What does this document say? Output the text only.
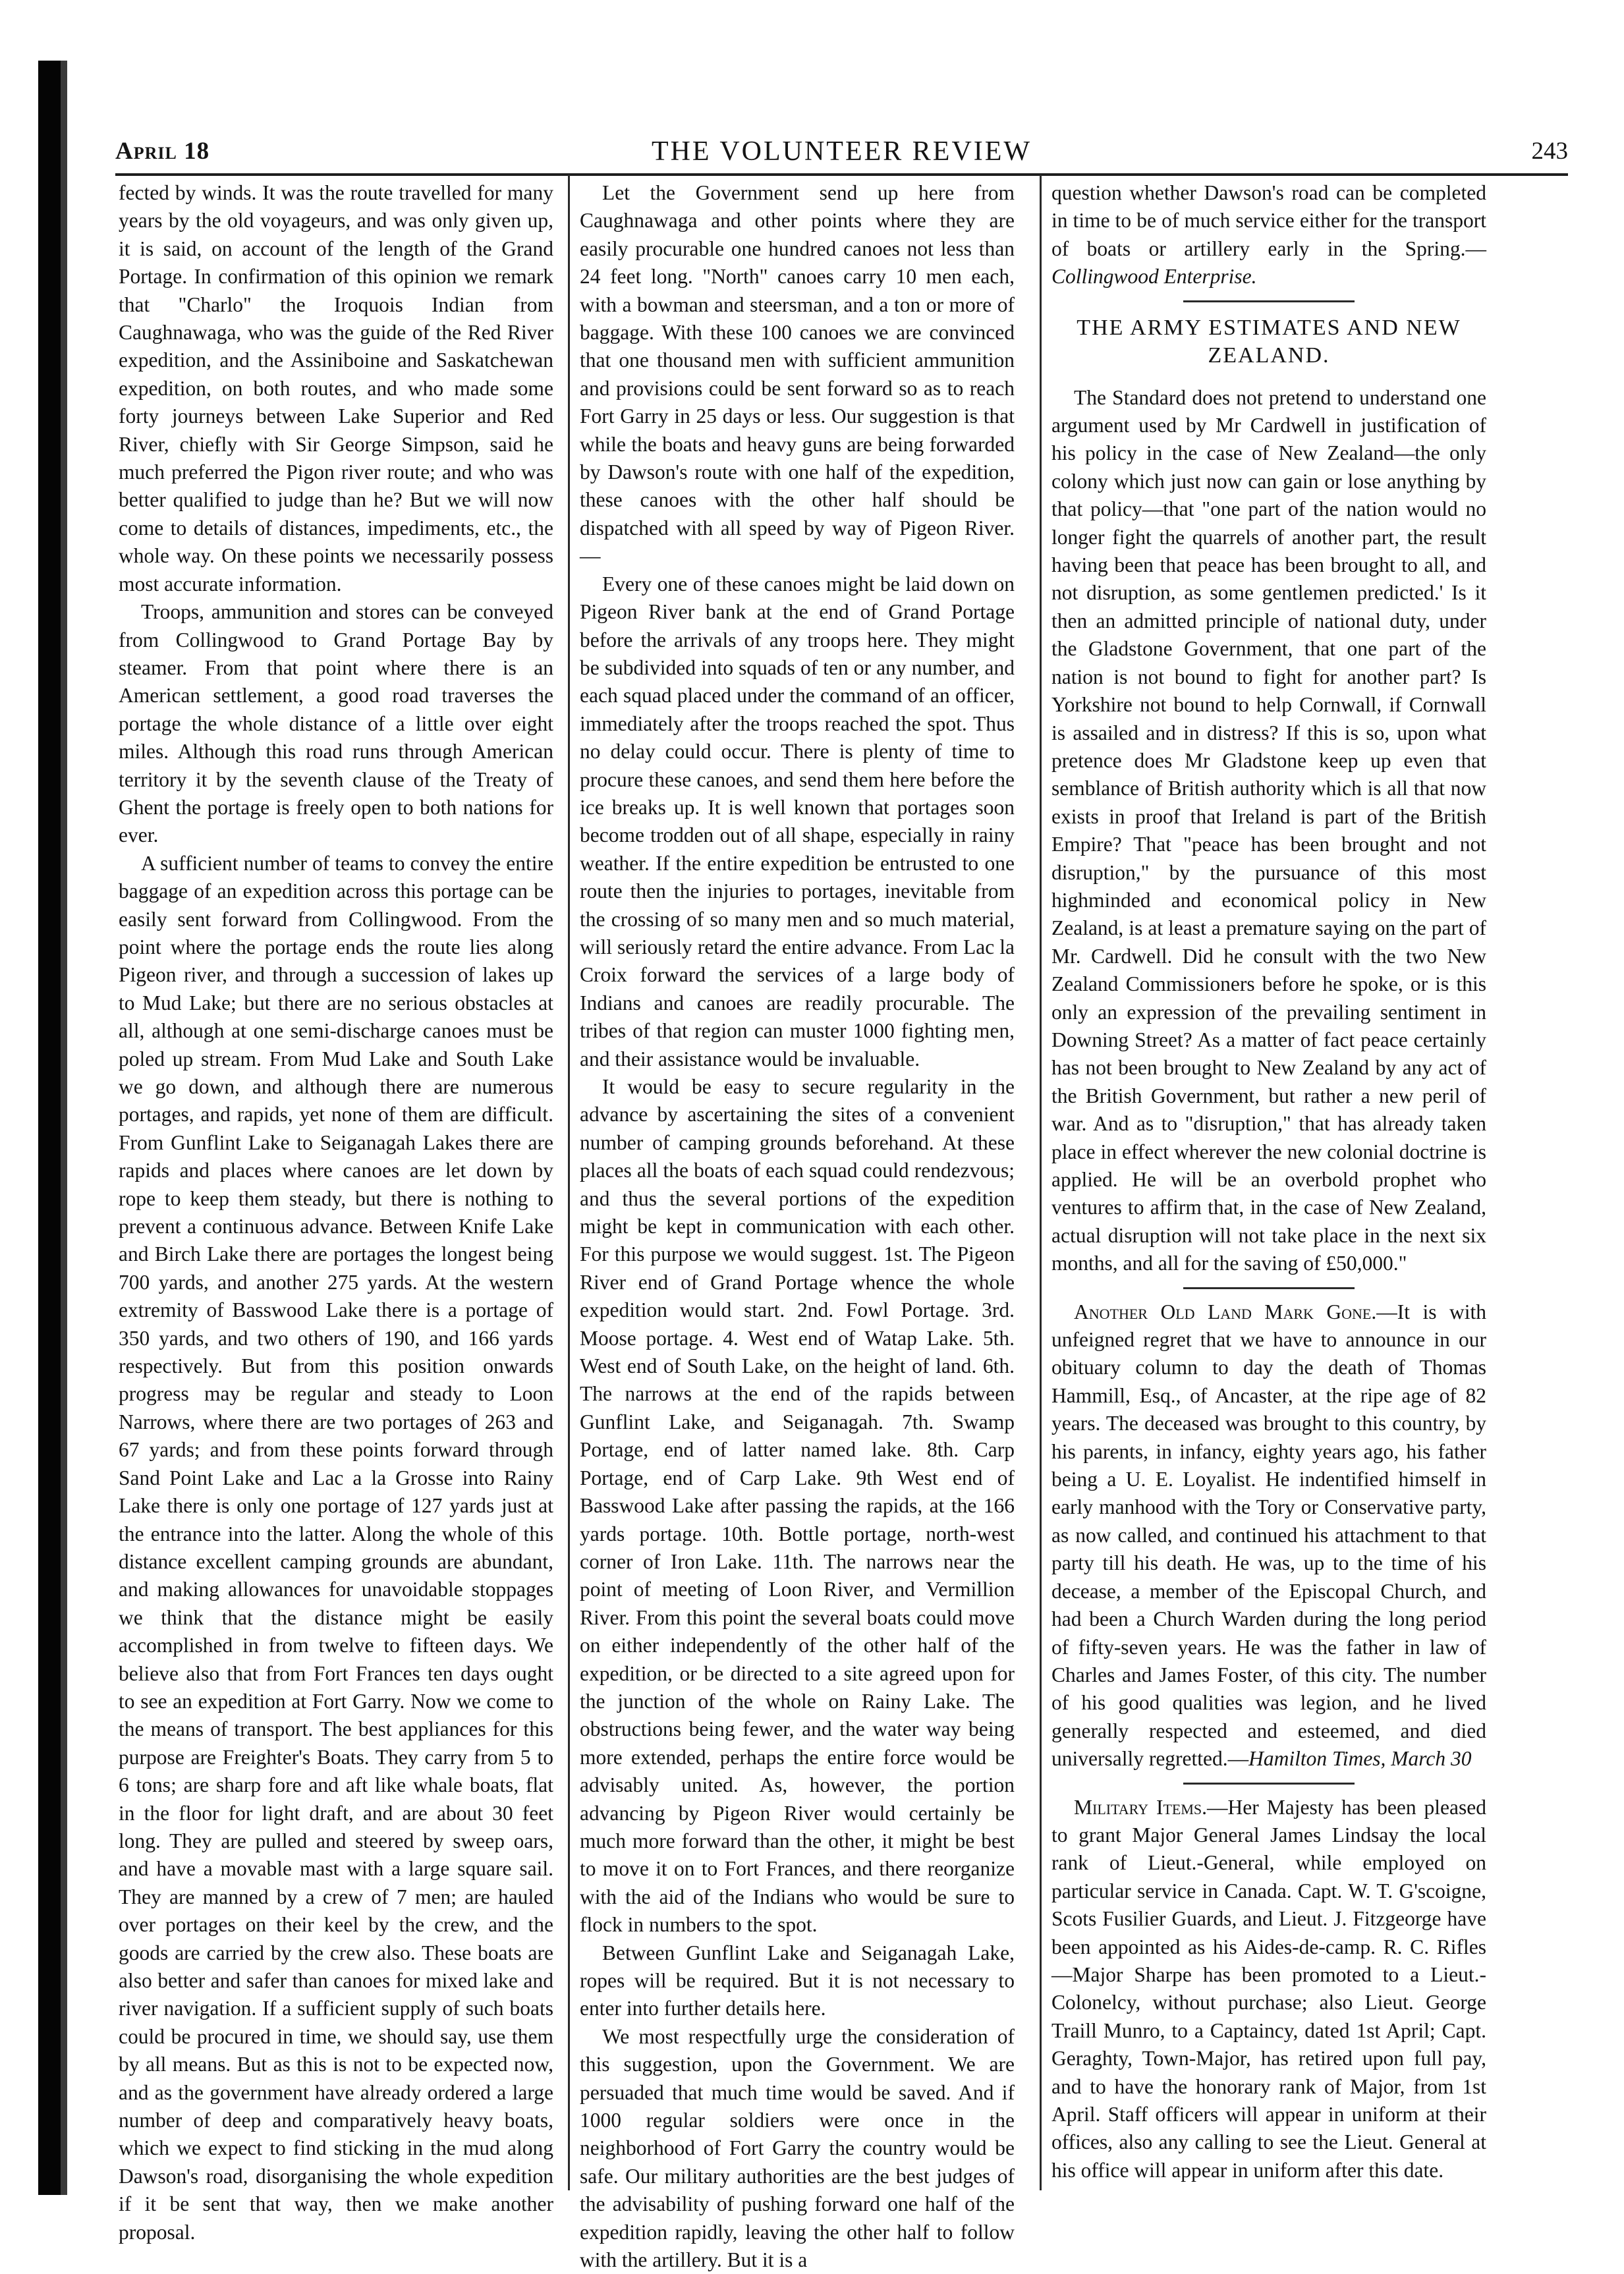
April 18	THE VOLUNTEER REVIEW	243

fected by winds. It was the route travelled for many years by the old voyageurs, and was only given up, it is said, on account of the length of the Grand Portage. In confirmation of this opinion we remark that "Charlo" the Iroquois Indian from Caughnawaga, who was the guide of the Red River expedition, and the Assiniboine and Saskatchewan expedition, on both routes, and who made some forty journeys between Lake Superior and Red River, chiefly with Sir George Simpson, said he much preferred the Pigon river route; and who was better qualified to judge than he? But we will now come to details of distances, impediments, etc., the whole way. On these points we necessarily possess most accurate information.

Troops, ammunition and stores can be conveyed from Collingwood to Grand Portage Bay by steamer. From that point where there is an American settlement, a good road traverses the portage the whole distance of a little over eight miles. Although this road runs through American territory it by the seventh clause of the Treaty of Ghent the portage is freely open to both nations for ever.

A sufficient number of teams to convey the entire baggage of an expedition across this portage can be easily sent forward from Collingwood. From the point where the portage ends the route lies along Pigeon river, and through a succession of lakes up to Mud Lake; but there are no serious obstacles at all, although at one semi-discharge canoes must be poled up stream. From Mud Lake and South Lake we go down, and although there are numerous portages, and rapids, yet none of them are difficult. From Gunflint Lake to Seiganagah Lakes there are rapids and places where canoes are let down by rope to keep them steady, but there is nothing to prevent a continuous advance. Between Knife Lake and Birch Lake there are portages the longest being 700 yards, and another 275 yards. At the western extremity of Basswood Lake there is a portage of 350 yards, and two others of 190, and 166 yards respectively. But from this position onwards progress may be regular and steady to Loon Narrows, where there are two portages of 263 and 67 yards; and from these points forward through Sand Point Lake and Lac a la Grosse into Rainy Lake there is only one portage of 127 yards just at the entrance into the latter. Along the whole of this distance excellent camping grounds are abundant, and making allowances for unavoidable stoppages we think that the distance might be easily accomplished in from twelve to fifteen days. We believe also that from Fort Frances ten days ought to see an expedition at Fort Garry. Now we come to the means of transport. The best appliances for this purpose are Freighter's Boats. They carry from 5 to 6 tons; are sharp fore and aft like whale boats, flat in the floor for light draft, and are about 30 feet long. They are pulled and steered by sweep oars, and have a movable mast with a large square sail. They are manned by a crew of 7 men; are hauled over portages on their keel by the crew, and the goods are carried by the crew also. These boats are also better and safer than canoes for mixed lake and river navigation. If a sufficient supply of such boats could be procured in time, we should say, use them by all means. But as this is not to be expected now, and as the government have already ordered a large number of deep and comparatively heavy boats, which we expect to find sticking in the mud along Dawson's road, disorganising the whole expedition if it be sent that way, then we make another proposal.

Let the Government send up here from Caughnawaga and other points where they are easily procurable one hundred canoes not less than 24 feet long. "North" canoes carry 10 men each, with a bowman and steersman, and a ton or more of baggage. With these 100 canoes we are convinced that one thousand men with sufficient ammunition and provisions could be sent forward so as to reach Fort Garry in 25 days or less. Our suggestion is that while the boats and heavy guns are being forwarded by Dawson's route with one half of the expedition, these canoes with the other half should be dispatched with all speed by way of Pigeon River.—

Every one of these canoes might be laid down on Pigeon River bank at the end of Grand Portage before the arrivals of any troops here. They might be subdivided into squads of ten or any number, and each squad placed under the command of an officer, immediately after the troops reached the spot. Thus no delay could occur. There is plenty of time to procure these canoes, and send them here before the ice breaks up. It is well known that portages soon become trodden out of all shape, especially in rainy weather. If the entire expedition be entrusted to one route then the injuries to portages, inevitable from the crossing of so many men and so much material, will seriously retard the entire advance. From Lac la Croix forward the services of a large body of Indians and canoes are readily procurable. The tribes of that region can muster 1000 fighting men, and their assistance would be invaluable.

It would be easy to secure regularity in the advance by ascertaining the sites of a convenient number of camping grounds beforehand. At these places all the boats of each squad could rendezvous; and thus the several portions of the expedition might be kept in communication with each other. For this purpose we would suggest. 1st. The Pigeon River end of Grand Portage whence the whole expedition would start. 2nd. Fowl Portage. 3rd. Moose portage. 4. West end of Watap Lake. 5th. West end of South Lake, on the height of land. 6th. The narrows at the end of the rapids between Gunflint Lake, and Seiganagah. 7th. Swamp Portage, end of latter named lake. 8th. Carp Portage, end of Carp Lake. 9th West end of Basswood Lake after passing the rapids, at the 166 yards portage. 10th. Bottle portage, north-west corner of Iron Lake. 11th. The narrows near the point of meeting of Loon River, and Vermillion River. From this point the several boats could move on either independently of the other half of the expedition, or be directed to a site agreed upon for the junction of the whole on Rainy Lake. The obstructions being fewer, and the water way being more extended, perhaps the entire force would be advisably united. As, however, the portion advancing by Pigeon River would certainly be much more forward than the other, it might be best to move it on to Fort Frances, and there reorganize with the aid of the Indians who would be sure to flock in numbers to the spot.

Between Gunflint Lake and Seiganagah Lake, ropes will be required. But it is not necessary to enter into further details here.

We most respectfully urge the consideration of this suggestion, upon the Government. We are persuaded that much time would be saved. And if 1000 regular soldiers were once in the neighborhood of Fort Garry the country would be safe. Our military authorities are the best judges of the advisability of pushing forward one half of the expedition rapidly, leaving the other half to follow with the artillery. But it is a

question whether Dawson's road can be completed in time to be of much service either for the transport of boats or artillery early in the Spring.—Collingwood Enterprise.

THE ARMY ESTIMATES AND NEW ZEALAND.

The Standard does not pretend to understand one argument used by Mr Cardwell in justification of his policy in the case of New Zealand—the only colony which just now can gain or lose anything by that policy—that "one part of the nation would no longer fight the quarrels of another part, the result having been that peace has been brought to all, and not disruption, as some gentlemen predicted.' Is it then an admitted principle of national duty, under the Gladstone Government, that one part of the nation is not bound to fight for another part? Is Yorkshire not bound to help Cornwall, if Cornwall is assailed and in distress? If this is so, upon what pretence does Mr Gladstone keep up even that semblance of British authority which is all that now exists in proof that Ireland is part of the British Empire? That "peace has been brought and not disruption," by the pursuance of this most highminded and economical policy in New Zealand, is at least a premature saying on the part of Mr. Cardwell. Did he consult with the two New Zealand Commissioners before he spoke, or is this only an expression of the prevailing sentiment in Downing Street? As a matter of fact peace certainly has not been brought to New Zealand by any act of the British Government, but rather a new peril of war. And as to "disruption," that has already taken place in effect wherever the new colonial doctrine is applied. He will be an overbold prophet who ventures to affirm that, in the case of New Zealand, actual disruption will not take place in the next six months, and all for the saving of £50,000."

Another Old Land Mark Gone.—It is with unfeigned regret that we have to announce in our obituary column to day the death of Thomas Hammill, Esq., of Ancaster, at the ripe age of 82 years. The deceased was brought to this country, by his parents, in infancy, eighty years ago, his father being a U. E. Loyalist. He indentified himself in early manhood with the Tory or Conservative party, as now called, and continued his attachment to that party till his death. He was, up to the time of his decease, a member of the Episcopal Church, and had been a Church Warden during the long period of fifty-seven years. He was the father in law of Charles and James Foster, of this city. The number of his good qualities was legion, and he lived generally respected and esteemed, and died universally regretted.—Hamilton Times, March 30

Military Items.—Her Majesty has been pleased to grant Major General James Lindsay the local rank of Lieut.-General, while employed on particular service in Canada. Capt. W. T. G'scoigne, Scots Fusilier Guards, and Lieut. J. Fitzgeorge have been appointed as his Aides-de-camp. R. C. Rifles —Major Sharpe has been promoted to a Lieut.-Colonelcy, without purchase; also Lieut. George Traill Munro, to a Captaincy, dated 1st April; Capt. Geraghty, Town-Major, has retired upon full pay, and to have the honorary rank of Major, from 1st April. Staff officers will appear in uniform at their offices, also any calling to see the Lieut. General at his office will appear in uniform after this date.
